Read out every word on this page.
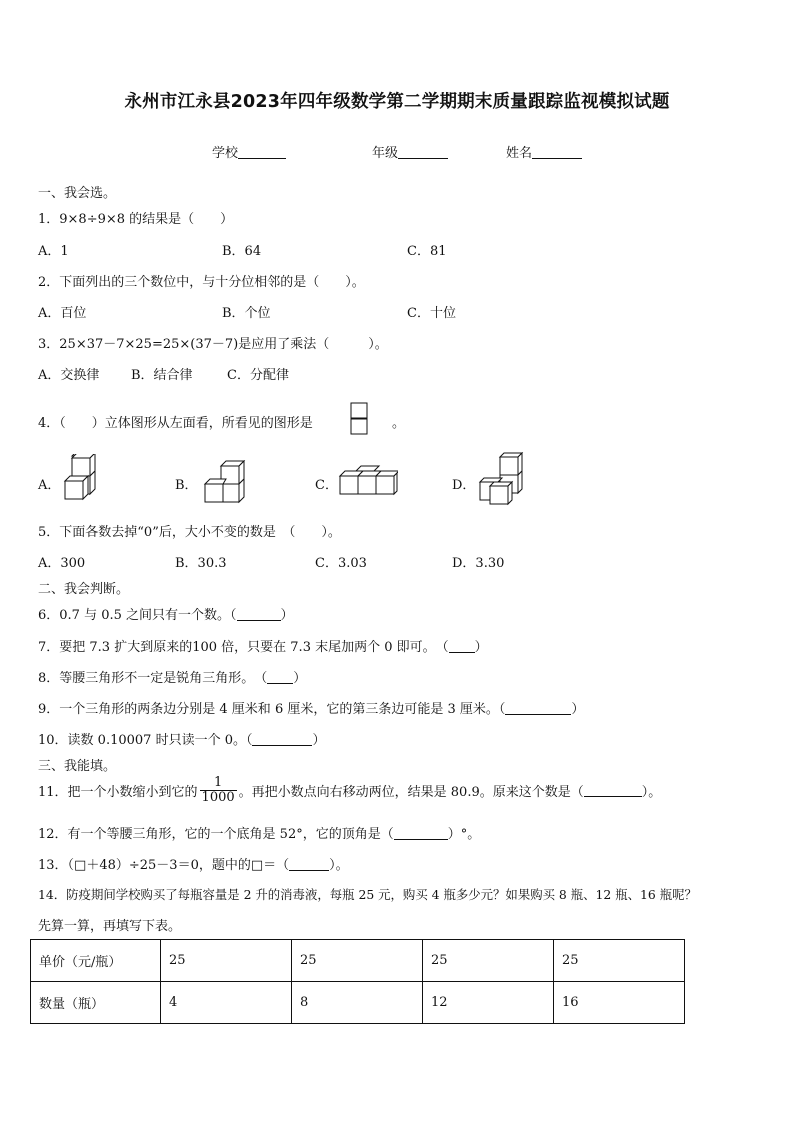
永州市江永县2023年四年级数学第二学期期末质量跟踪监视模拟试题
学校	年级	姓名
一、我会选。
1．9×8÷9×8 的结果是（　　）
A．1	B．64	C．81
2．下面列出的三个数位中，与十分位相邻的是（　　）。
A．百位	B．个位	C．十位
3．25×37－7×25=25×(37－7)是应用了乘法（　　　）。
A．交换律 B．结合律	C．分配律
4．（　　）立体图形从左面看，所看见的图形是	。
A．	B．	C．	D．
5．下面各数去掉“0”后，大小不变的数是　（　　）。
A．300	B．30.3	C．3.03	D．3.30
二、我会判断。
6．0.7 与 0.5 之间只有一个数。（	）
7．要把 7.3 扩大到原来的100 倍，只要在 7.3 末尾加两个 0 即可。　（ ）
8．等腰三角形不一定是锐角三角形。　（ ）
9．一个三角形的两条边分别是 4 厘米和 6 厘米，它的第三条边可能是 3 厘米。（	）
10．读数 0.10007 时只读一个 0。（	）
三、我能填。
11．把一个小数缩小到它的 $\frac{1}{1000}$ 。再把小数点向右移动两位，结果是 80.9。原来这个数是（	）。
12．有一个等腰三角形，它的一个底角是 52°，它的顶角是（	）°。
13．（□＋48）÷25－3＝0，题中的□＝（	）。
14．防疫期间学校购买了每瓶容量是 2 升的消毒液，每瓶 25 元，购买 4 瓶多少元？如果购买 8 瓶、12 瓶、16 瓶呢？
先算一算，再填写下表。
单价（元/瓶）	25	25	25	25
数量（瓶）	4	8	12	16
